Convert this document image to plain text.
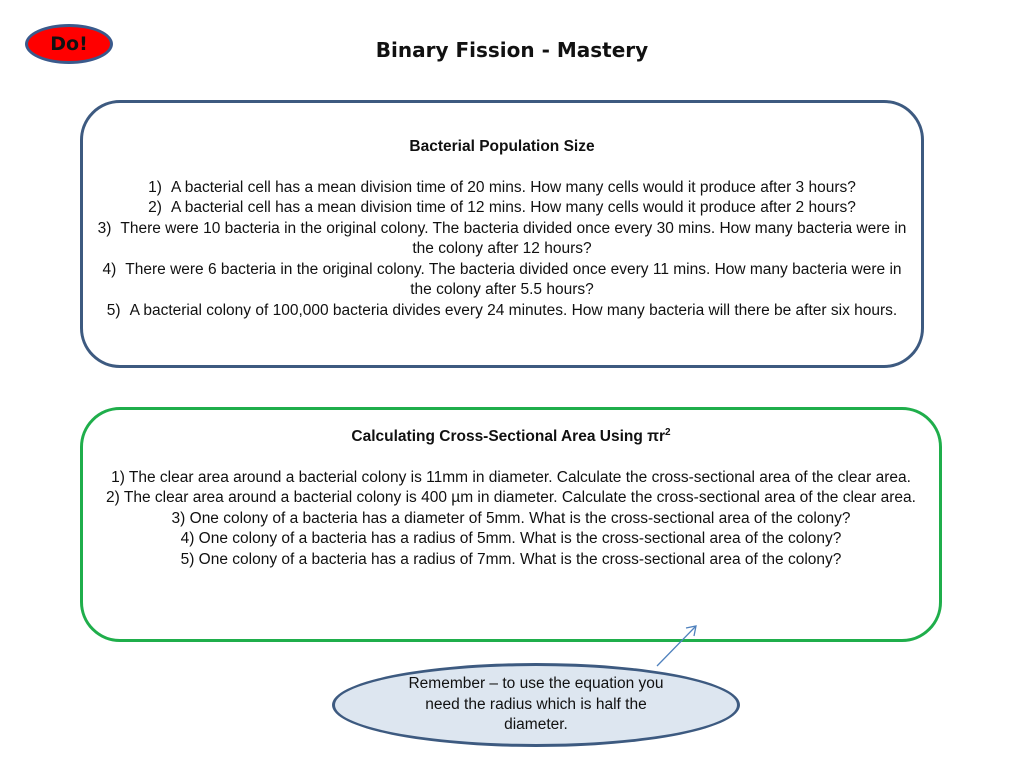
Do!	Binary Fission - Mastery
Bacterial Population Size

1) A bacterial cell has a mean division time of 20 mins. How many cells would it produce after 3 hours?

2) A bacterial cell has a mean division time of 12 mins. How many cells would it produce after 2 hours?

3) There were 10 bacteria in the original colony. The bacteria divided once every 30 mins. How many bacteria were in the colony after 12 hours?

4) There were 6 bacteria in the original colony. The bacteria divided once every 11 mins. How many bacteria were in the colony after 5.5 hours?

5) A bacterial colony of 100,000 bacteria divides every 24 minutes. How many bacteria will there be after six hours.

Calculating Cross-Sectional Area Using $\pi r^2$

1) The clear area around a bacterial colony is 11mm in diameter. Calculate the cross-sectional area of the clear area.

2) The clear area around a bacterial colony is 400 µm in diameter. Calculate the cross-sectional area of the clear area.

3) One colony of a bacteria has a diameter of 5mm. What is the cross-sectional area of the colony?

4) One colony of a bacteria has a radius of 5mm. What is the cross-sectional area of the colony?

5) One colony of a bacteria has a radius of 7mm. What is the cross-sectional area of the colony?

Remember – to use the equation you need the radius which is half the diameter.
